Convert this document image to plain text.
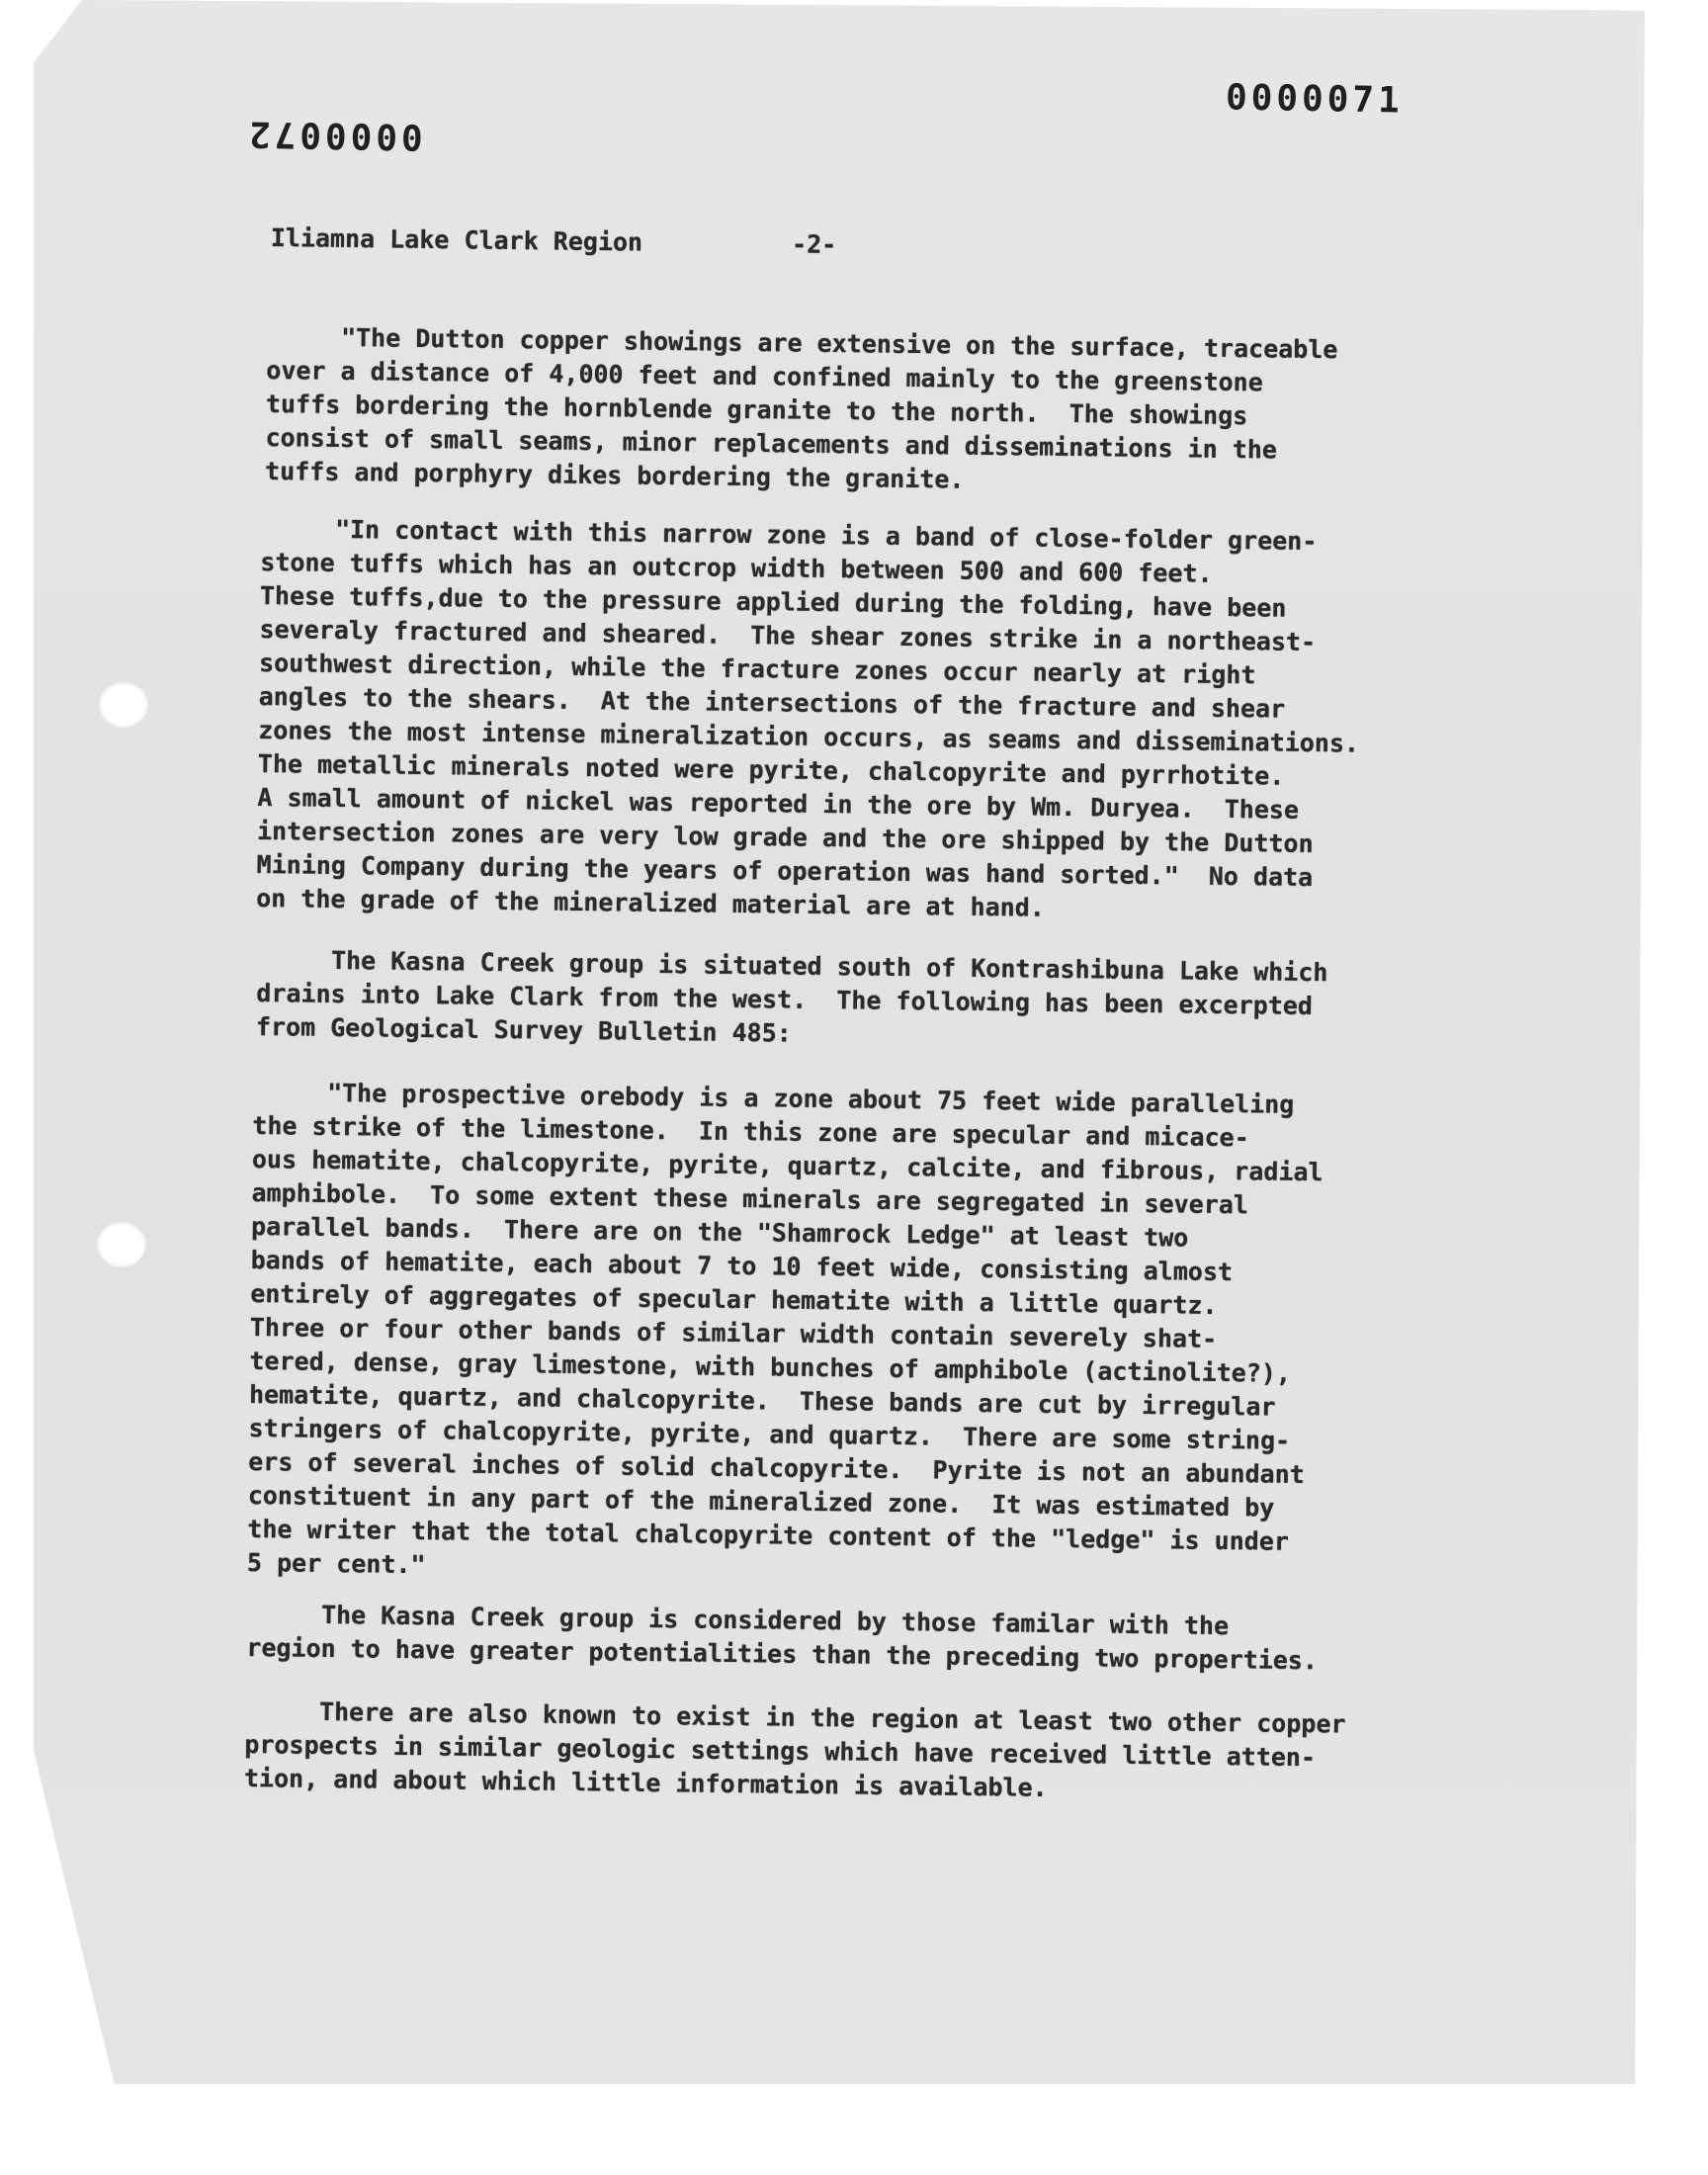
0000071
0000072
Iliamna Lake Clark Region	-2-
"The Dutton copper showings are extensive on the surface, traceable
over a distance of 4,000 feet and confined mainly to the greenstone
tuffs bordering the hornblende granite to the north.  The showings
consist of small seams, minor replacements and disseminations in the
tuffs and porphyry dikes bordering the granite.
"In contact with this narrow zone is a band of close-folder green-
stone tuffs which has an outcrop width between 500 and 600 feet.
These tuffs,due to the pressure applied during the folding, have been
severaly fractured and sheared.  The shear zones strike in a northeast-
southwest direction, while the fracture zones occur nearly at right
angles to the shears.  At the intersections of the fracture and shear
zones the most intense mineralization occurs, as seams and disseminations.
The metallic minerals noted were pyrite, chalcopyrite and pyrrhotite.
A small amount of nickel was reported in the ore by Wm. Duryea.  These
intersection zones are very low grade and the ore shipped by the Dutton
Mining Company during the years of operation was hand sorted."  No data
on the grade of the mineralized material are at hand.
The Kasna Creek group is situated south of Kontrashibuna Lake which
drains into Lake Clark from the west.  The following has been excerpted
from Geological Survey Bulletin 485:
"The prospective orebody is a zone about 75 feet wide paralleling
the strike of the limestone.  In this zone are specular and micace-
ous hematite, chalcopyrite, pyrite, quartz, calcite, and fibrous, radial
amphibole.  To some extent these minerals are segregated in several
parallel bands.  There are on the "Shamrock Ledge" at least two
bands of hematite, each about 7 to 10 feet wide, consisting almost
entirely of aggregates of specular hematite with a little quartz.
Three or four other bands of similar width contain severely shat-
tered, dense, gray limestone, with bunches of amphibole (actinolite?),
hematite, quartz, and chalcopyrite.  These bands are cut by irregular
stringers of chalcopyrite, pyrite, and quartz.  There are some string-
ers of several inches of solid chalcopyrite.  Pyrite is not an abundant
constituent in any part of the mineralized zone.  It was estimated by
the writer that the total chalcopyrite content of the "ledge" is under
5 per cent."
The Kasna Creek group is considered by those familar with the
region to have greater potentialities than the preceding two properties.
There are also known to exist in the region at least two other copper
prospects in similar geologic settings which have received little atten-
tion, and about which little information is available.
